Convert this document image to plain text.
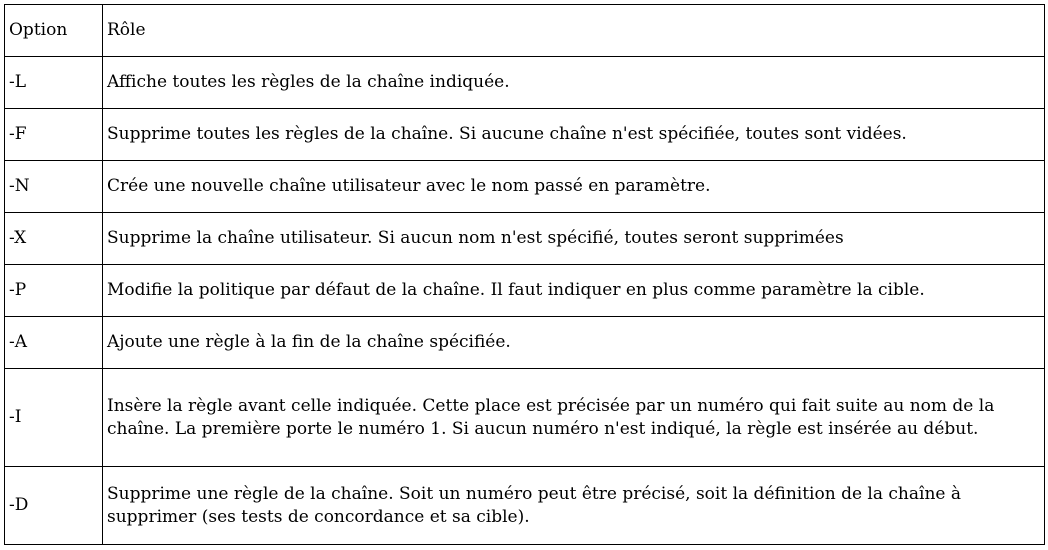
Option	Rôle
-L	Affiche toutes les règles de la chaîne indiquée.
-F	Supprime toutes les règles de la chaîne. Si aucune chaîne n'est spécifiée, toutes sont vidées.
-N	Crée une nouvelle chaîne utilisateur avec le nom passé en paramètre.
-X	Supprime la chaîne utilisateur. Si aucun nom n'est spécifié, toutes seront supprimées
-P	Modifie la politique par défaut de la chaîne. Il faut indiquer en plus comme paramètre la cible.
-A	Ajoute une règle à la fin de la chaîne spécifiée.
-I	Insère la règle avant celle indiquée. Cette place est précisée par un numéro qui fait suite au nom de la chaîne. La première porte le numéro 1. Si aucun numéro n'est indiqué, la règle est insérée au début.
-D	Supprime une règle de la chaîne. Soit un numéro peut être précisé, soit la définition de la chaîne à supprimer (ses tests de concordance et sa cible).
